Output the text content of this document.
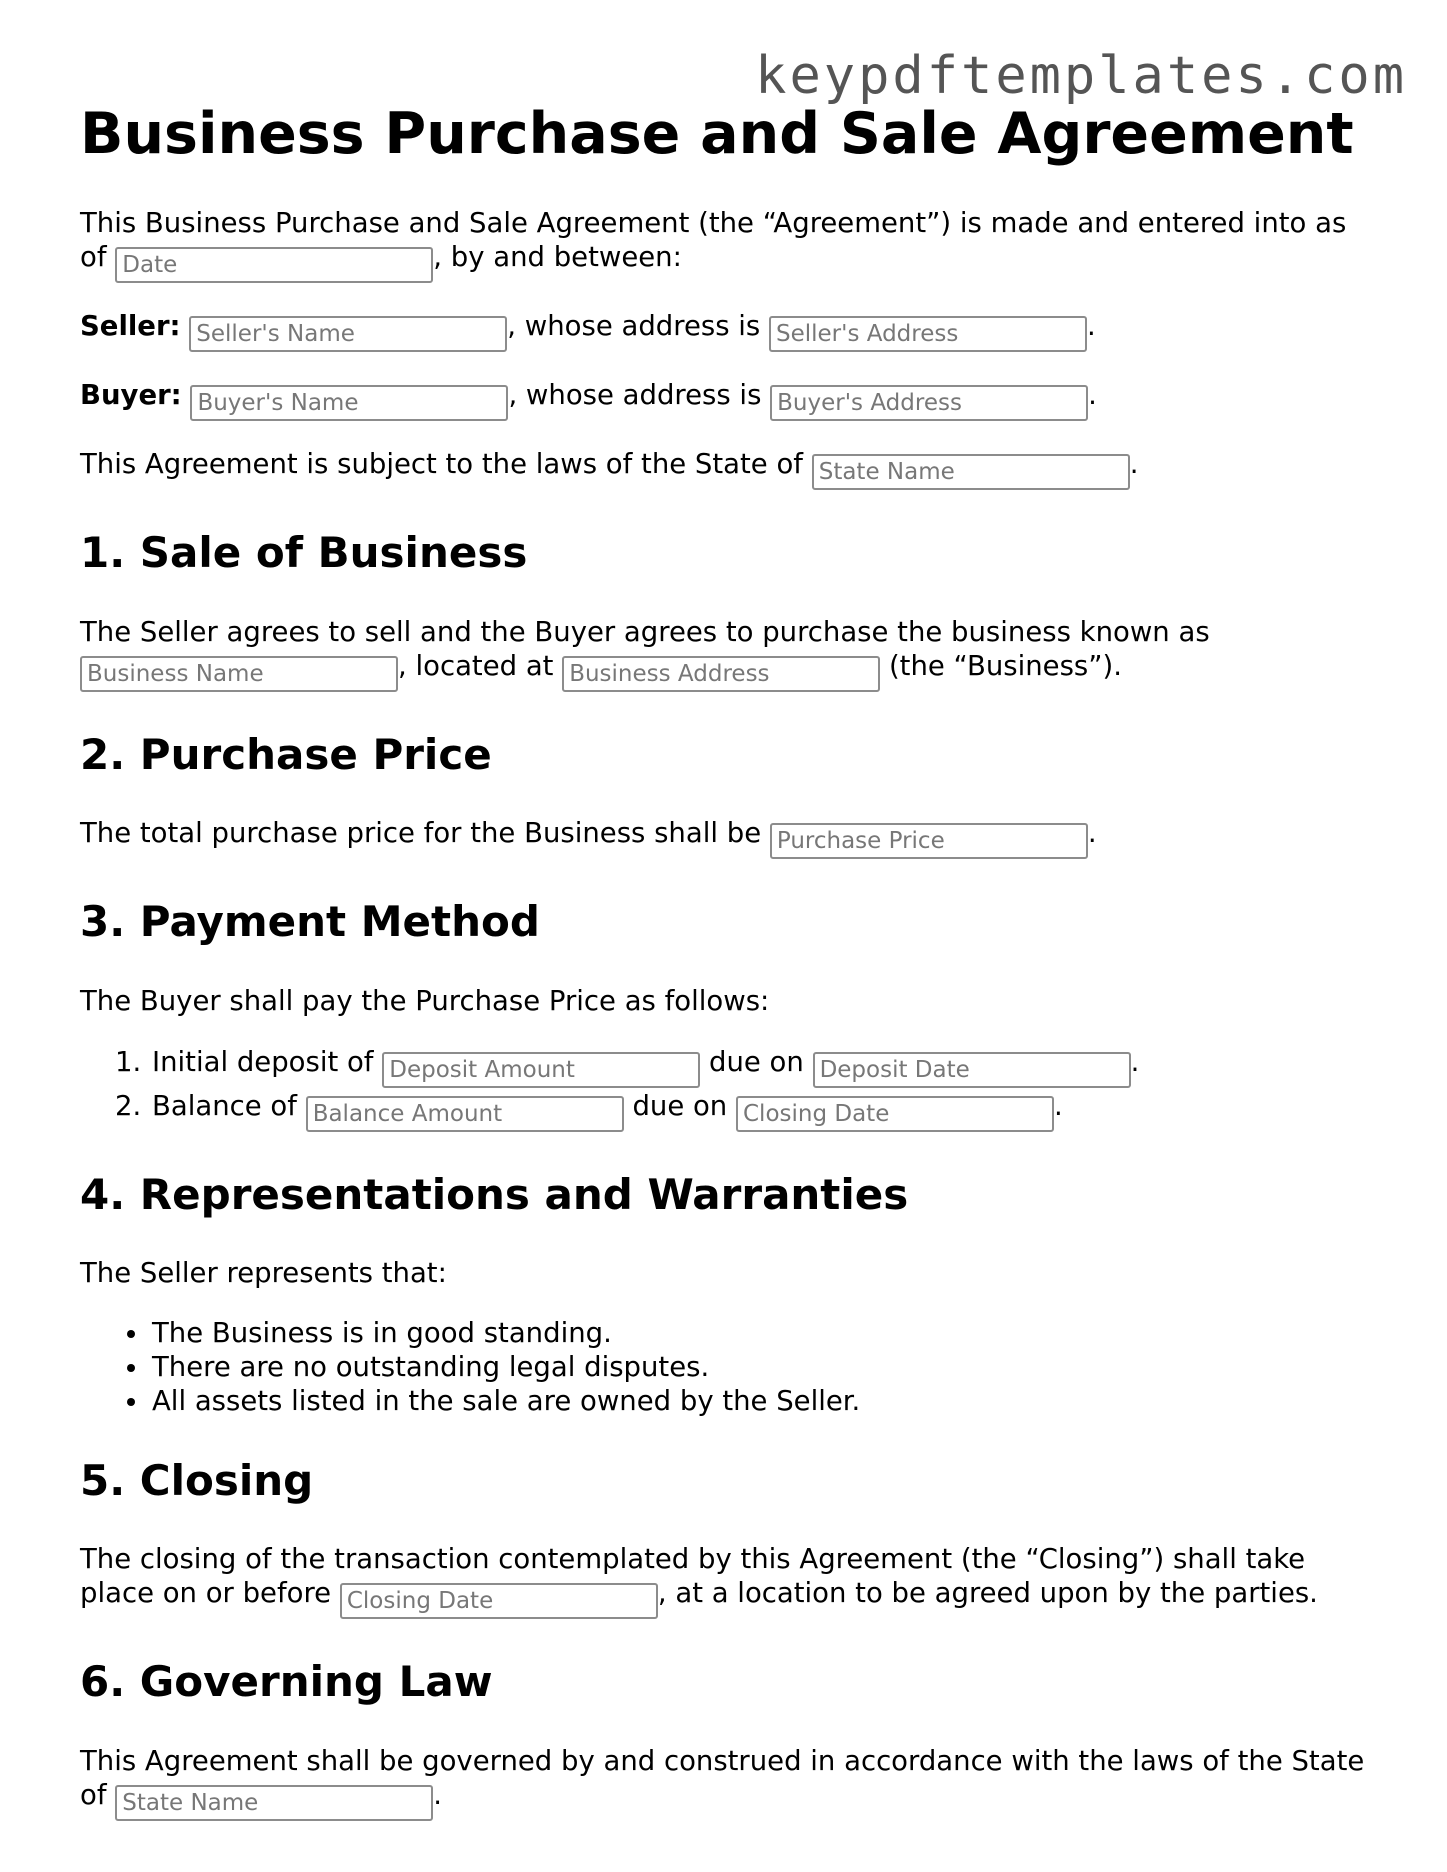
keypdftemplates.com
Business Purchase and Sale Agreement

This Business Purchase and Sale Agreement (the “Agreement”) is made and entered into as of Date	, by and between:

Seller: Seller's Name	, whose address is Seller's Address	.

Buyer: Buyer's Name	, whose address is Buyer's Address	.

This Agreement is subject to the laws of the State of State Name	.

1. Sale of Business

The Seller agrees to sell and the Buyer agrees to purchase the business known as
Business Name, located at Business Address	(the “Business”).

2. Purchase Price

The total purchase price for the Business shall be Purchase Price	.

3. Payment Method

The Buyer shall pay the Purchase Price as follows:

1. Initial deposit of Deposit Amount	due on Deposit Date	.
2. Balance of Balance Amount	due on Closing Date	.
4. Representations and Warranties

The Seller represents that:

• The Business is in good standing.
• There are no outstanding legal disputes.
• All assets listed in the sale are owned by the Seller.
5. Closing

The closing of the transaction contemplated by this Agreement (the “Closing”) shall take place on or before Closing Date	, at a location to be agreed upon by the parties.

6. Governing Law

This Agreement shall be governed by and construed in accordance with the laws of the State of State Name	.
